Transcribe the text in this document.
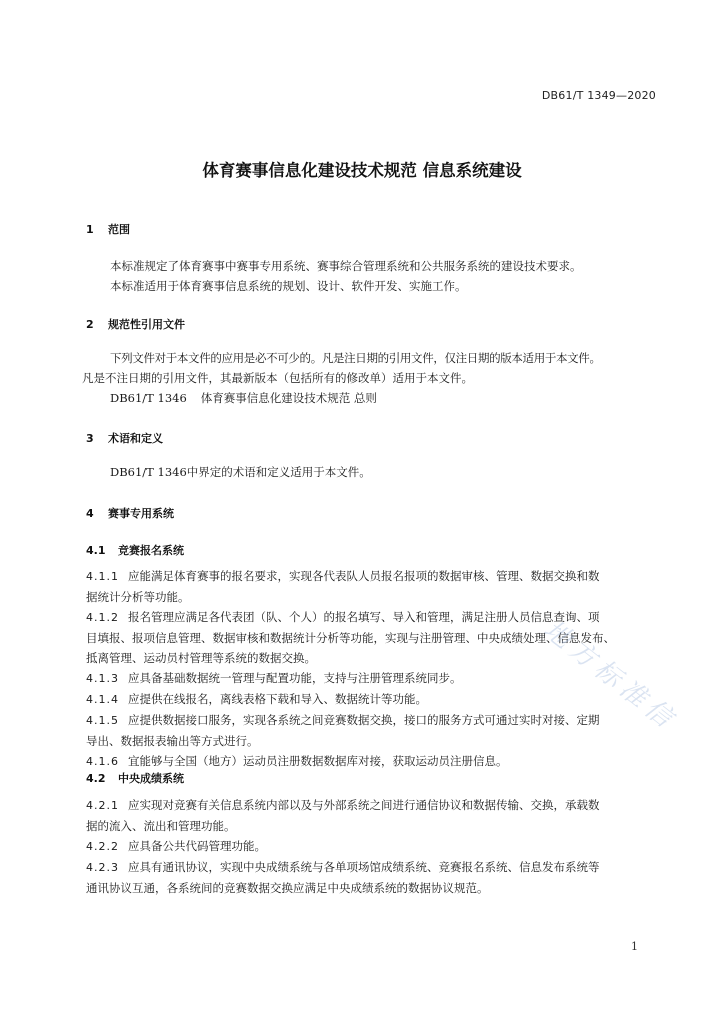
DB61/T 1349—2020
体育赛事信息化建设技术规范 信息系统建设
1 范围
本标准规定了体育赛事中赛事专用系统、赛事综合管理系统和公共服务系统的建设技术要求。
本标准适用于体育赛事信息系统的规划、设计、软件开发、实施工作。
2 规范性引用文件
下列文件对于本文件的应用是必不可少的。凡是注日期的引用文件，仅注日期的版本适用于本文件。
凡是不注日期的引用文件，其最新版本（包括所有的修改单）适用于本文件。
DB61/T 1346 体育赛事信息化建设技术规范 总则
3 术语和定义
DB61/T 1346中界定的术语和定义适用于本文件。
4 赛事专用系统
4.1 竞赛报名系统
4.1.1 应能满足体育赛事的报名要求，实现各代表队人员报名报项的数据审核、管理、数据交换和数
据统计分析等功能。
4.1.2 报名管理应满足各代表团（队、个人）的报名填写、导入和管理，满足注册人员信息查询、项
目填报、报项信息管理、数据审核和数据统计分析等功能，实现与注册管理、中央成绩处理、信息发布、
抵离管理、运动员村管理等系统的数据交换。
4.1.3 应具备基础数据统一管理与配置功能，支持与注册管理系统同步。
4.1.4 应提供在线报名，离线表格下载和导入、数据统计等功能。
4.1.5 应提供数据接口服务，实现各系统之间竞赛数据交换，接口的服务方式可通过实时对接、定期
导出、数据报表输出等方式进行。
4.1.6 宜能够与全国（地方）运动员注册数据数据库对接，获取运动员注册信息。
4.2 中央成绩系统
4.2.1 应实现对竞赛有关信息系统内部以及与外部系统之间进行通信协议和数据传输、交换，承载数
据的流入、流出和管理功能。
4.2.2 应具备公共代码管理功能。
4.2.3 应具有通讯协议，实现中央成绩系统与各单项场馆成绩系统、竞赛报名系统、信息发布系统等
通讯协议互通，各系统间的竞赛数据交换应满足中央成绩系统的数据协议规范。
地方标准信
1
